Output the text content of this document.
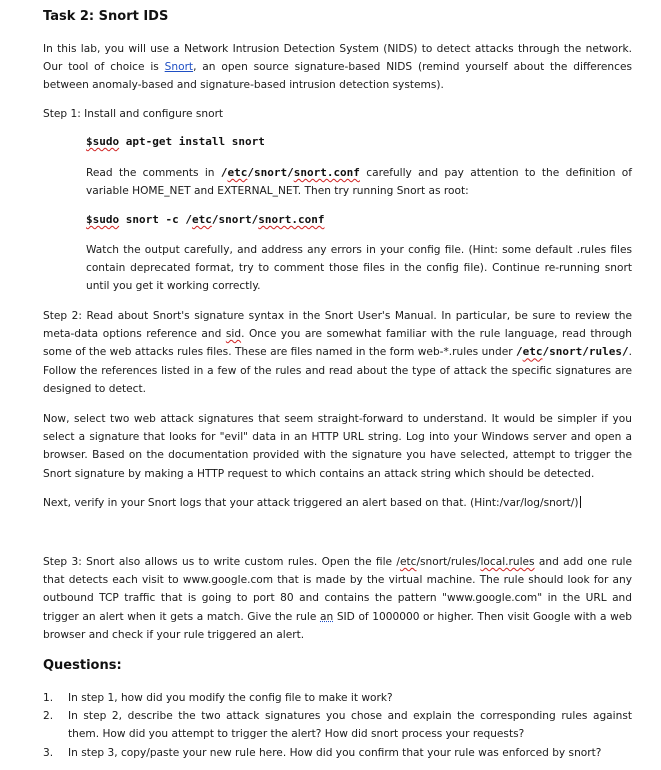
Task 2: Snort IDS
In this lab, you will use a Network Intrusion Detection System (NIDS) to detect attacks through the network. Our tool of choice is Snort, an open source signature-based NIDS (remind yourself about the differences between anomaly-based and signature-based intrusion detection systems).
Step 1: Install and configure snort
$sudo apt-get install snort
Read the comments in /etc/snort/snort.conf carefully and pay attention to the definition of variable HOME_NET and EXTERNAL_NET. Then try running Snort as root:
$sudo snort -c /etc/snort/snort.conf
Watch the output carefully, and address any errors in your config file. (Hint: some default .rules files contain deprecated format, try to comment those files in the config file). Continue re-running snort until you get it working correctly.
Step 2: Read about Snort's signature syntax in the Snort User's Manual. In particular, be sure to review the meta-data options reference and sid. Once you are somewhat familiar with the rule language, read through some of the web attacks rules files. These are files named in the form web-*.rules under /etc/snort/rules/. Follow the references listed in a few of the rules and read about the type of attack the specific signatures are designed to detect.
Now, select two web attack signatures that seem straight-forward to understand. It would be simpler if you select a signature that looks for "evil" data in an HTTP URL string. Log into your Windows server and open a browser. Based on the documentation provided with the signature you have selected, attempt to trigger the Snort signature by making a HTTP request to which contains an attack string which should be detected.
Next, verify in your Snort logs that your attack triggered an alert based on that. (Hint:/var/log/snort/)
Step 3: Snort also allows us to write custom rules. Open the file /etc/snort/rules/local.rules and add one rule that detects each visit to www.google.com that is made by the virtual machine. The rule should look for any outbound TCP traffic that is going to port 80 and contains the pattern "www.google.com" in the URL and trigger an alert when it gets a match. Give the rule an SID of 1000000 or higher. Then visit Google with a web browser and check if your rule triggered an alert.
Questions:
1.	In step 1, how did you modify the config file to make it work?
2.	In step 2, describe the two attack signatures you chose and explain the corresponding rules against them. How did you attempt to trigger the alert? How did snort process your requests?
3.	In step 3, copy/paste your new rule here. How did you confirm that your rule was enforced by snort?
